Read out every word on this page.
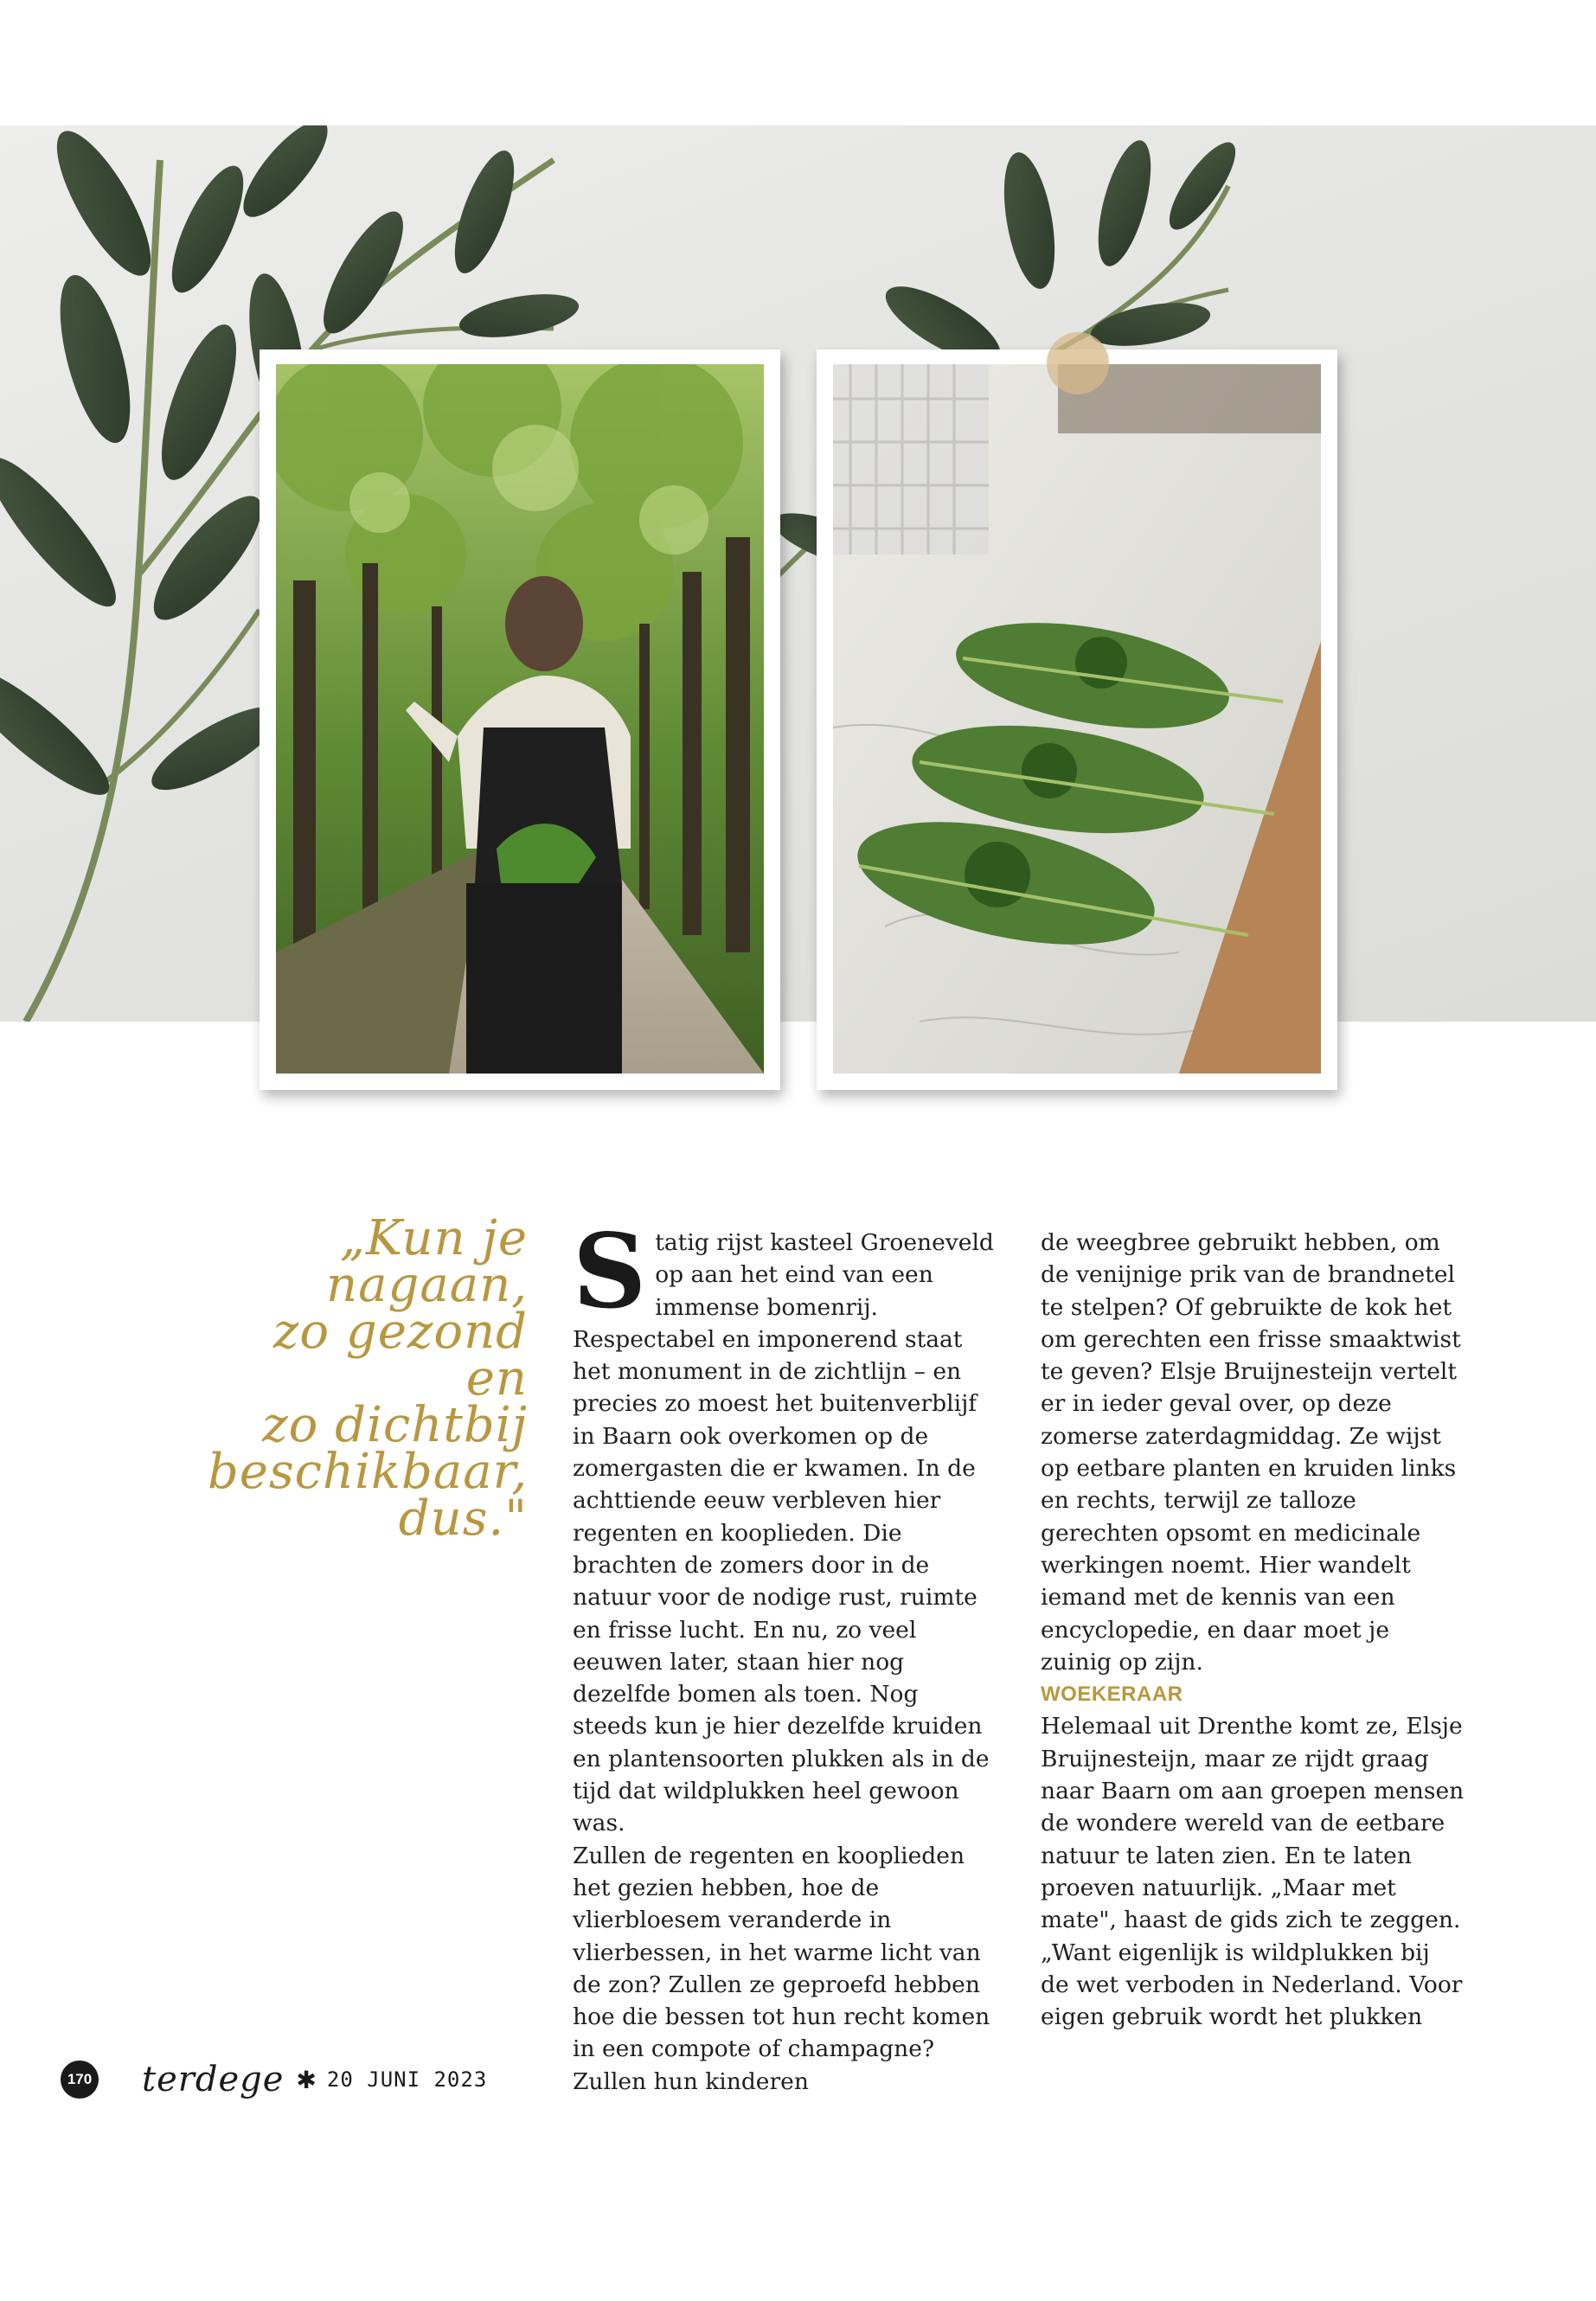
„Kun je
nagaan,
zo gezond en
zo dichtbij
beschikbaar,
dus."

Statig rijst kasteel Groeneveld op aan het eind van een immense bomenrij. Respectabel en imponerend staat het monument in de zichtlijn – en precies zo moest het buitenverblijf in Baarn ook overkomen op de zomergasten die er kwamen. In de achttiende eeuw verbleven hier regenten en kooplieden. Die brachten de zomers door in de natuur voor de nodige rust, ruimte en frisse lucht. En nu, zo veel eeuwen later, staan hier nog dezelfde bomen als toen. Nog steeds kun je hier dezelfde kruiden en plantensoorten plukken als in de tijd dat wildplukken heel gewoon was.

Zullen de regenten en kooplieden het gezien hebben, hoe de vlierbloesem veranderde in vlierbessen, in het warme licht van de zon? Zullen ze geproefd hebben hoe die bessen tot hun recht komen in een compote of champagne? Zullen hun kinderen

de weegbree gebruikt hebben, om de venijnige prik van de brandnetel te stelpen? Of gebruikte de kok het om gerechten een frisse smaaktwist te geven? Elsje Bruijnesteijn vertelt er in ieder geval over, op deze zomerse zaterdagmiddag. Ze wijst op eetbare planten en kruiden links en rechts, terwijl ze talloze gerechten opsomt en medicinale werkingen noemt. Hier wandelt iemand met de kennis van een encyclopedie, en daar moet je zuinig op zijn.

WOEKERAAR

Helemaal uit Drenthe komt ze, Elsje Bruijnesteijn, maar ze rijdt graag naar Baarn om aan groepen mensen de wondere wereld van de eetbare natuur te laten zien. En te laten proeven natuurlijk. „Maar met mate", haast de gids zich te zeggen. „Want eigenlijk is wildplukken bij de wet verboden in Nederland. Voor eigen gebruik wordt het plukken

170 terdege ✱ 20 JUNI 2023
